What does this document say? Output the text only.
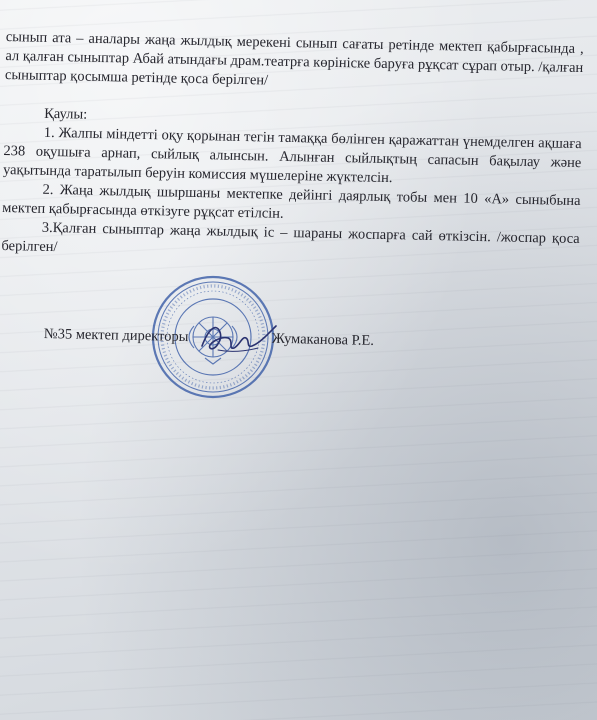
сынып ата – аналары жаңа жылдық мерекені сынып сағаты ретінде мектеп қабырғасында , ал қалған сыныптар Абай атындағы драм.театрға көрініске баруға рұқсат сұрап отыр. /қалған сыныптар қосымша ретінде қоса берілген/

Қаулы:

1. Жалпы міндетті оқу қорынан тегін тамаққа бөлінген қаражаттан үнемделген ақшаға 238 оқушыға арнап, сыйлық алынсын. Алынған сыйлықтың сапасын бақылау және уақытында таратылып беруін комиссия мүшелеріне жүктелсін.

2. Жаңа жылдық шыршаны мектепке дейінгі даярлық тобы мен 10 «А» сыныбына мектеп қабырғасында өткізуге рұқсат етілсін.

3.Қалған сыныптар жаңа жылдық іс – шараны жоспарға сай өткізсін. /жоспар қоса берілген/

№35 мектеп директоры	Жумаканова Р.Е.
